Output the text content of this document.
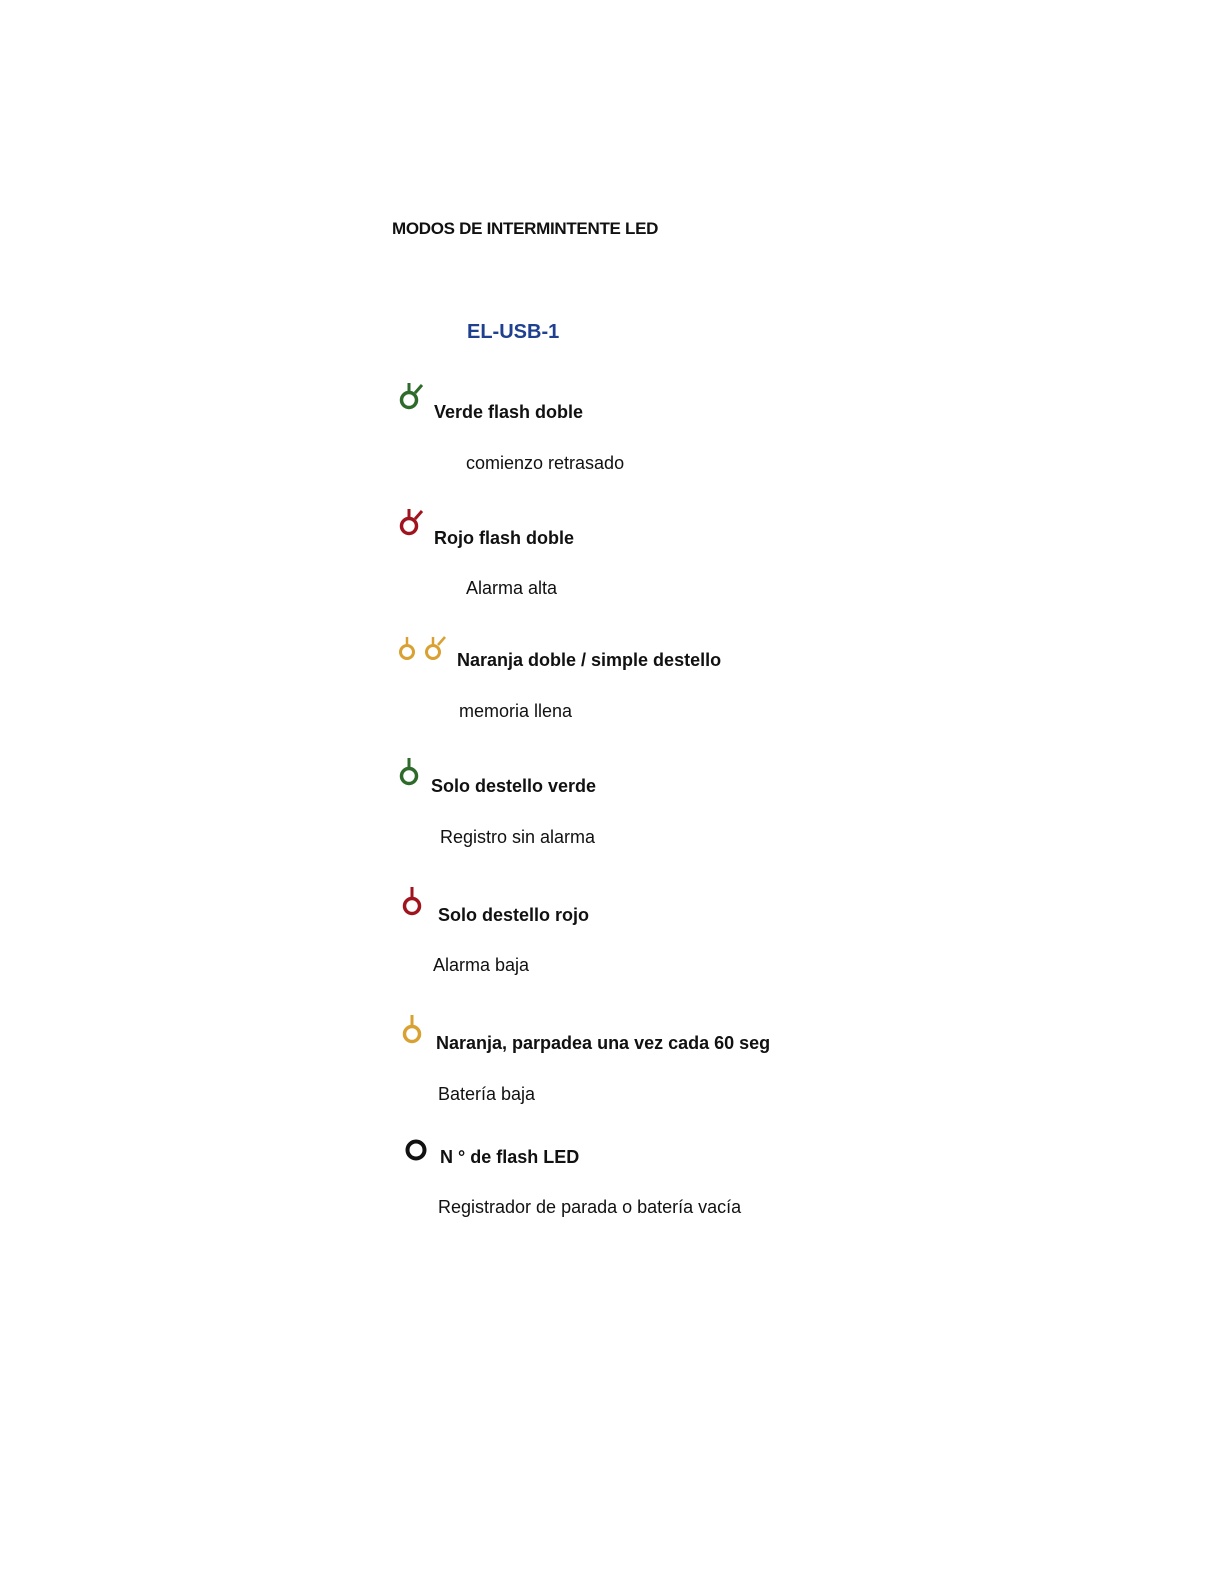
MODOS DE INTERMINTENTE LED
EL-USB-1
Verde flash doble
comienzo retrasado
Rojo flash doble
Alarma alta
Naranja doble / simple destello
memoria llena
Solo destello verde
Registro sin alarma
Solo destello rojo
Alarma baja
Naranja, parpadea una vez cada 60 seg
Batería baja
N ° de flash LED
Registrador de parada o batería vacía
